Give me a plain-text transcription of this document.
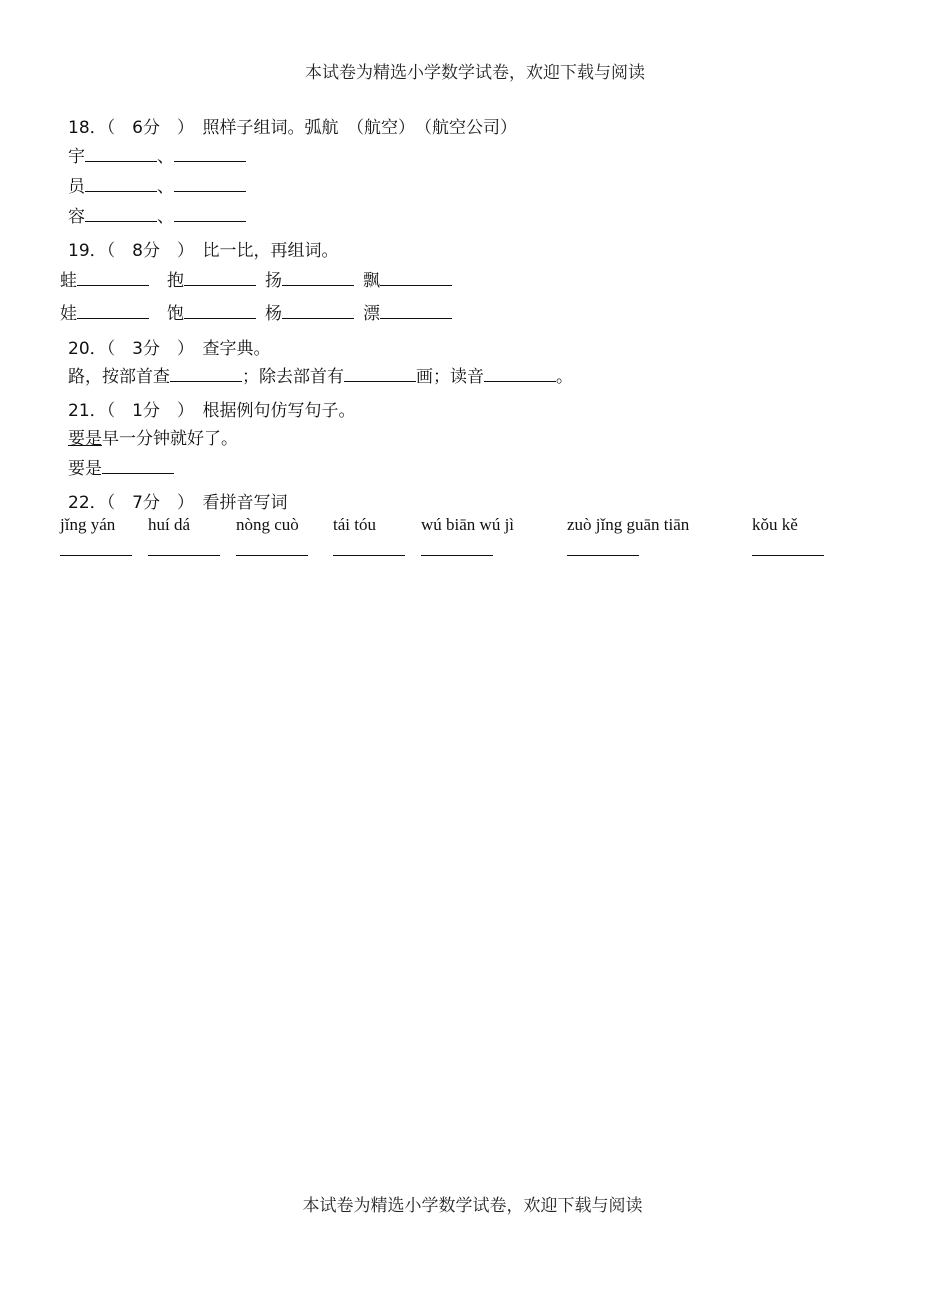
本试卷为精选小学数学试卷，欢迎下载与阅读
18．（　6分　）　照样子组词。弧航　（航空）　（航空公司）
宇	、
员	、
容	、
19．（　8分　）　比一比，再组词。
蛙	抱	扬	飘
娃	饱	杨	漂
20．（　3分　）　查字典。
路，按部首查	；除去部首有	画；读音	。
21．（　1分　）　根据例句仿写句子。
要是早一分钟就好了。
要是
22．（　7分　）　看拼音写词
jǐng yán huí dá	nòng cuò tái tóu	wú biān wú jì	zuò jǐng guān tiān	kǒu kě
本试卷为精选小学数学试卷，欢迎下载与阅读
